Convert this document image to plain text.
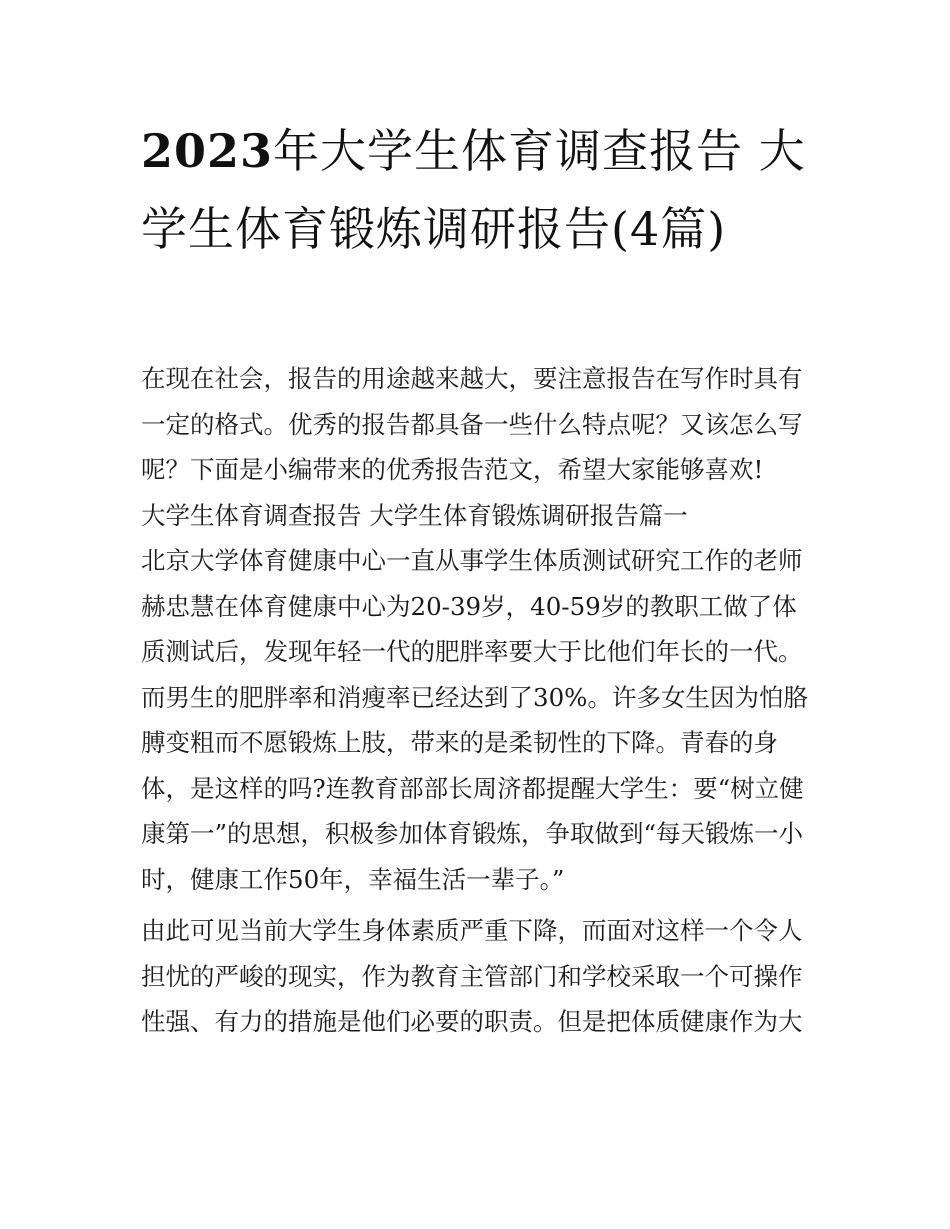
2023年大学生体育调查报告 大学生体育锻炼调研报告(4篇)

在现在社会，报告的用途越来越大，要注意报告在写作时具有一定的格式。优秀的报告都具备一些什么特点呢？又该怎么写呢？下面是小编带来的优秀报告范文，希望大家能够喜欢!

大学生体育调查报告 大学生体育锻炼调研报告篇一

北京大学体育健康中心一直从事学生体质测试研究工作的老师赫忠慧在体育健康中心为20-39岁，40-59岁的教职工做了体质测试后，发现年轻一代的肥胖率要大于比他们年长的一代。而男生的肥胖率和消瘦率已经达到了30%。许多女生因为怕胳膊变粗而不愿锻炼上肢，带来的是柔韧性的下降。青春的身体，是这样的吗?连教育部部长周济都提醒大学生：要“树立健康第一”的思想，积极参加体育锻炼，争取做到“每天锻炼一小时，健康工作50年，幸福生活一辈子。”

由此可见当前大学生身体素质严重下降，而面对这样一个令人担忧的严峻的现实，作为教育主管部门和学校采取一个可操作性强、有力的措施是他们必要的职责。但是把体质健康作为大
